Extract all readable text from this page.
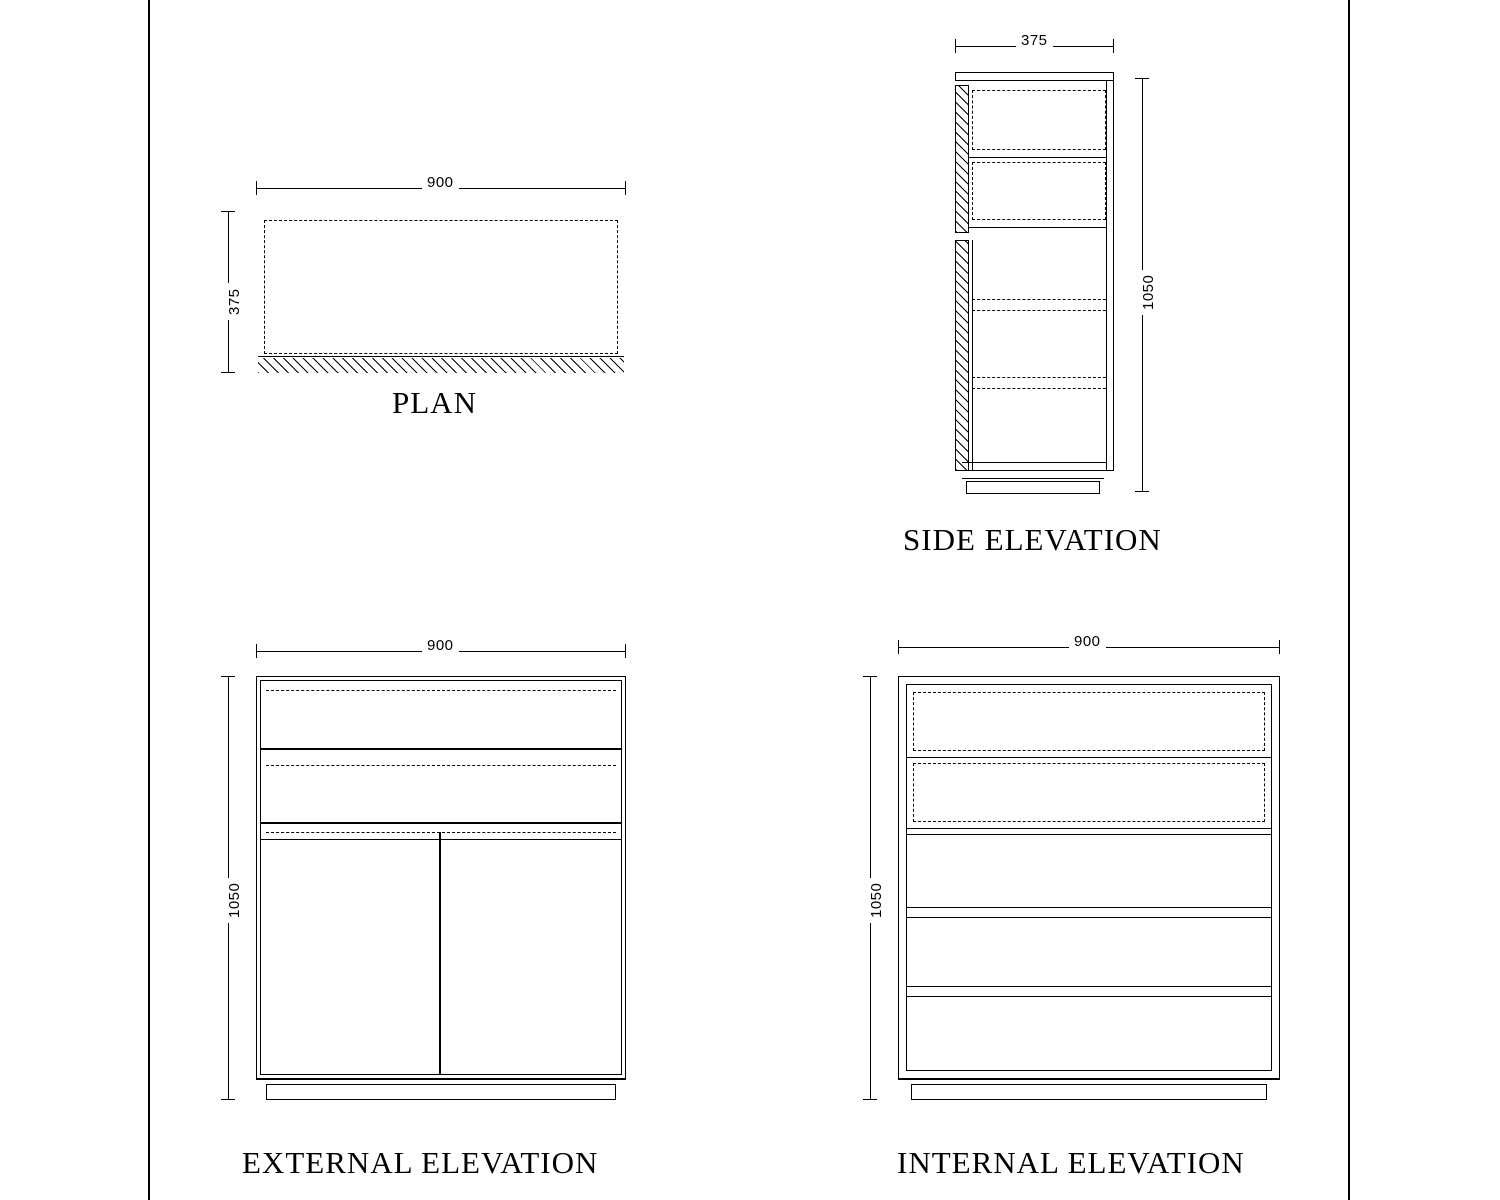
900
375
PLAN
375
1050
SIDE ELEVATION
900
1050
EXTERNAL ELEVATION
900
1050
INTERNAL ELEVATION
